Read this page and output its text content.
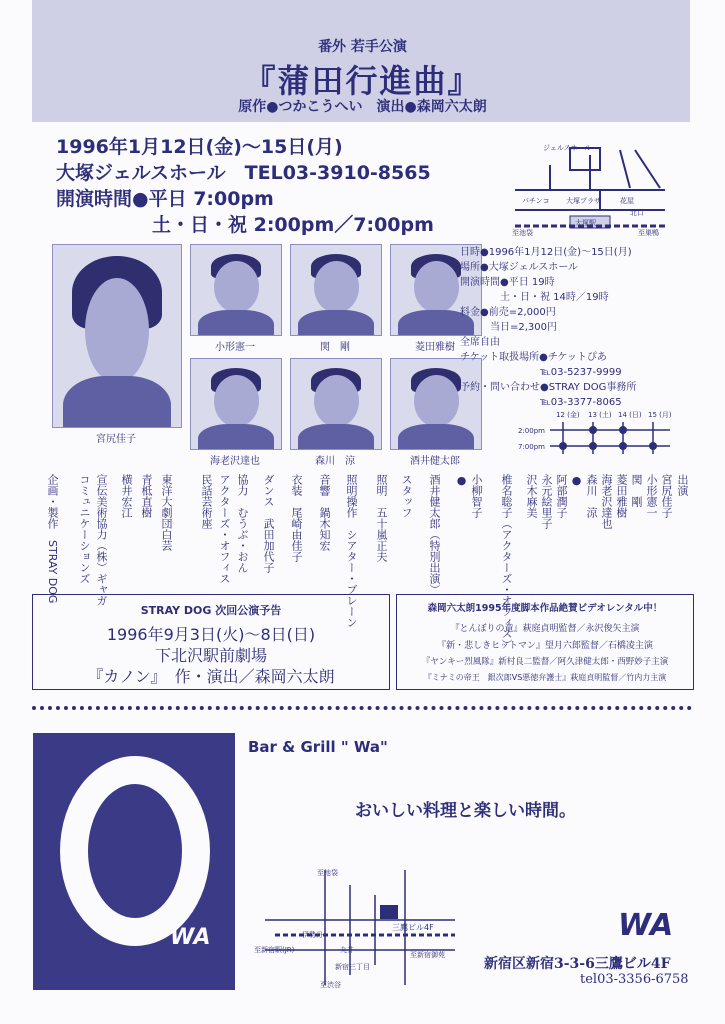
番外 若手公演
『蒲田行進曲』
原作●つかこうへい　演出●森岡六太朗
1996年1月12日(金)〜15日(月)
大塚ジェルスホール　TEL03-3910-8565
開演時間●平日 7:00pm
土・日・祝 2:00pm／7:00pm
ジェルスホール
パチンコ 大塚プラザ	花屋
北口
大塚駅
至池袋	至巣鴨
宮尻佳子
小形憲一	関　剛	菱田雅樹
海老沢達也	森川　涼	酒井健太郎
日時●1996年1月12日(金)〜15日(月)
場所●大塚ジェルスホール
開演時間●平日 19時
　　　　土・日・祝 14時／19時
料金●前売=2,000円
　　　当日=2,300円
全席自由
チケット取扱場所●チケットぴあ
　　　　　　　　℡03-5237-9999
予約・問い合わせ●STRAY DOG事務所
　　　　　　　　℡03-3377-8065
12 (金) 13 (土) 14 (日) 15 (月)
2:00pm
7:00pm
出演
宮尻佳子
小形憲一
関　剛
菱田雅樹
海老沢達也
森川　涼
●
阿部潤子
永元絵里子
沢木麻美
椎名聡子（アクターズ・オフィス）
小柳智子
●
酒井健太郎（特別出演）
スタッフ
照明　五十嵐正夫
照明操作　シアター・ブレーン
音響　鍋木知宏
衣装　尾崎由佳子
ダンス　武田加代子
協力　むうぶ・おん
アクターズ・オフィス
民話芸術座
東洋大劇団白芸
青柢直樹
横井宏江
宣伝美術協力（株）ギャガ
コミュニケーションズ
企画・製作　STRAY DOG
STRAY DOG 次回公演予告
1996年9月3日(火)〜8日(日)
下北沢駅前劇場
『カノン』　作・演出／森岡六太朗
森岡六太朗1995年度脚本作品絶賛ビデオレンタル中！
『とんぼりの竜』萩庭貞明監督／永沢俊矢主演
『新・悲しきヒットマン』望月六郎監督／石橋凌主演
『ヤンキー烈風隊』新村良二監督／阿久津健太郎・西野妙子主演
『ミナミの帝王　銀次郎VS悪徳弁護士』萩庭貞明監督／竹内力主演
WA
Bar & Grill " Wa"
おいしい料理と楽しい時間。
至池袋
至渋谷
至新宿駅(JR)
伊勢丹
丸井
三鷹ビル4F
至新宿御苑
新宿三丁目
WA
新宿区新宿3-3-6三鷹ビル4F
tel03-3356-6758
